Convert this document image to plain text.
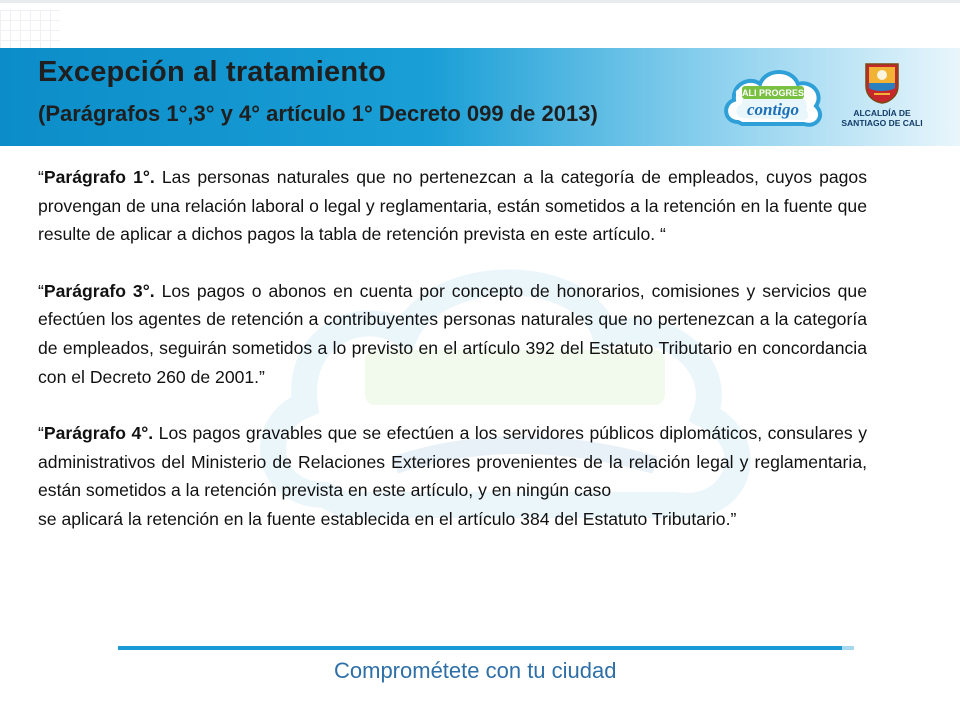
Excepción al tratamiento
(Parágrafos 1°,3° y 4° artículo 1° Decreto 099 de 2013)
CALI PROGRESA
contigo	ALCALDÍA DE
SANTIAGO DE CALI

“Parágrafo 1°. Las personas naturales que no pertenezcan a la categoría de empleados, cuyos pagos provengan de una relación laboral o legal y reglamentaria, están sometidos a la retención en la fuente que resulte de aplicar a dichos pagos la tabla de retención prevista en este artículo. “

“Parágrafo 3°. Los pagos o abonos en cuenta por concepto de honorarios, comisiones y servicios que efectúen los agentes de retención a contribuyentes personas naturales que no pertenezcan a la categoría de empleados, seguirán sometidos a lo previsto en el artículo 392 del Estatuto Tributario en concordancia con el Decreto 260 de 2001.”

“Parágrafo 4°. Los pagos gravables que se efectúen a los servidores públicos diplomáticos, consulares y administrativos del Ministerio de Relaciones Exteriores provenientes de la relación legal y reglamentaria, están sometidos a la retención prevista en este artículo, y en ningún caso

se aplicará la retención en la fuente establecida en el artículo 384 del Estatuto Tributario.”

Comprométete con tu ciudad
